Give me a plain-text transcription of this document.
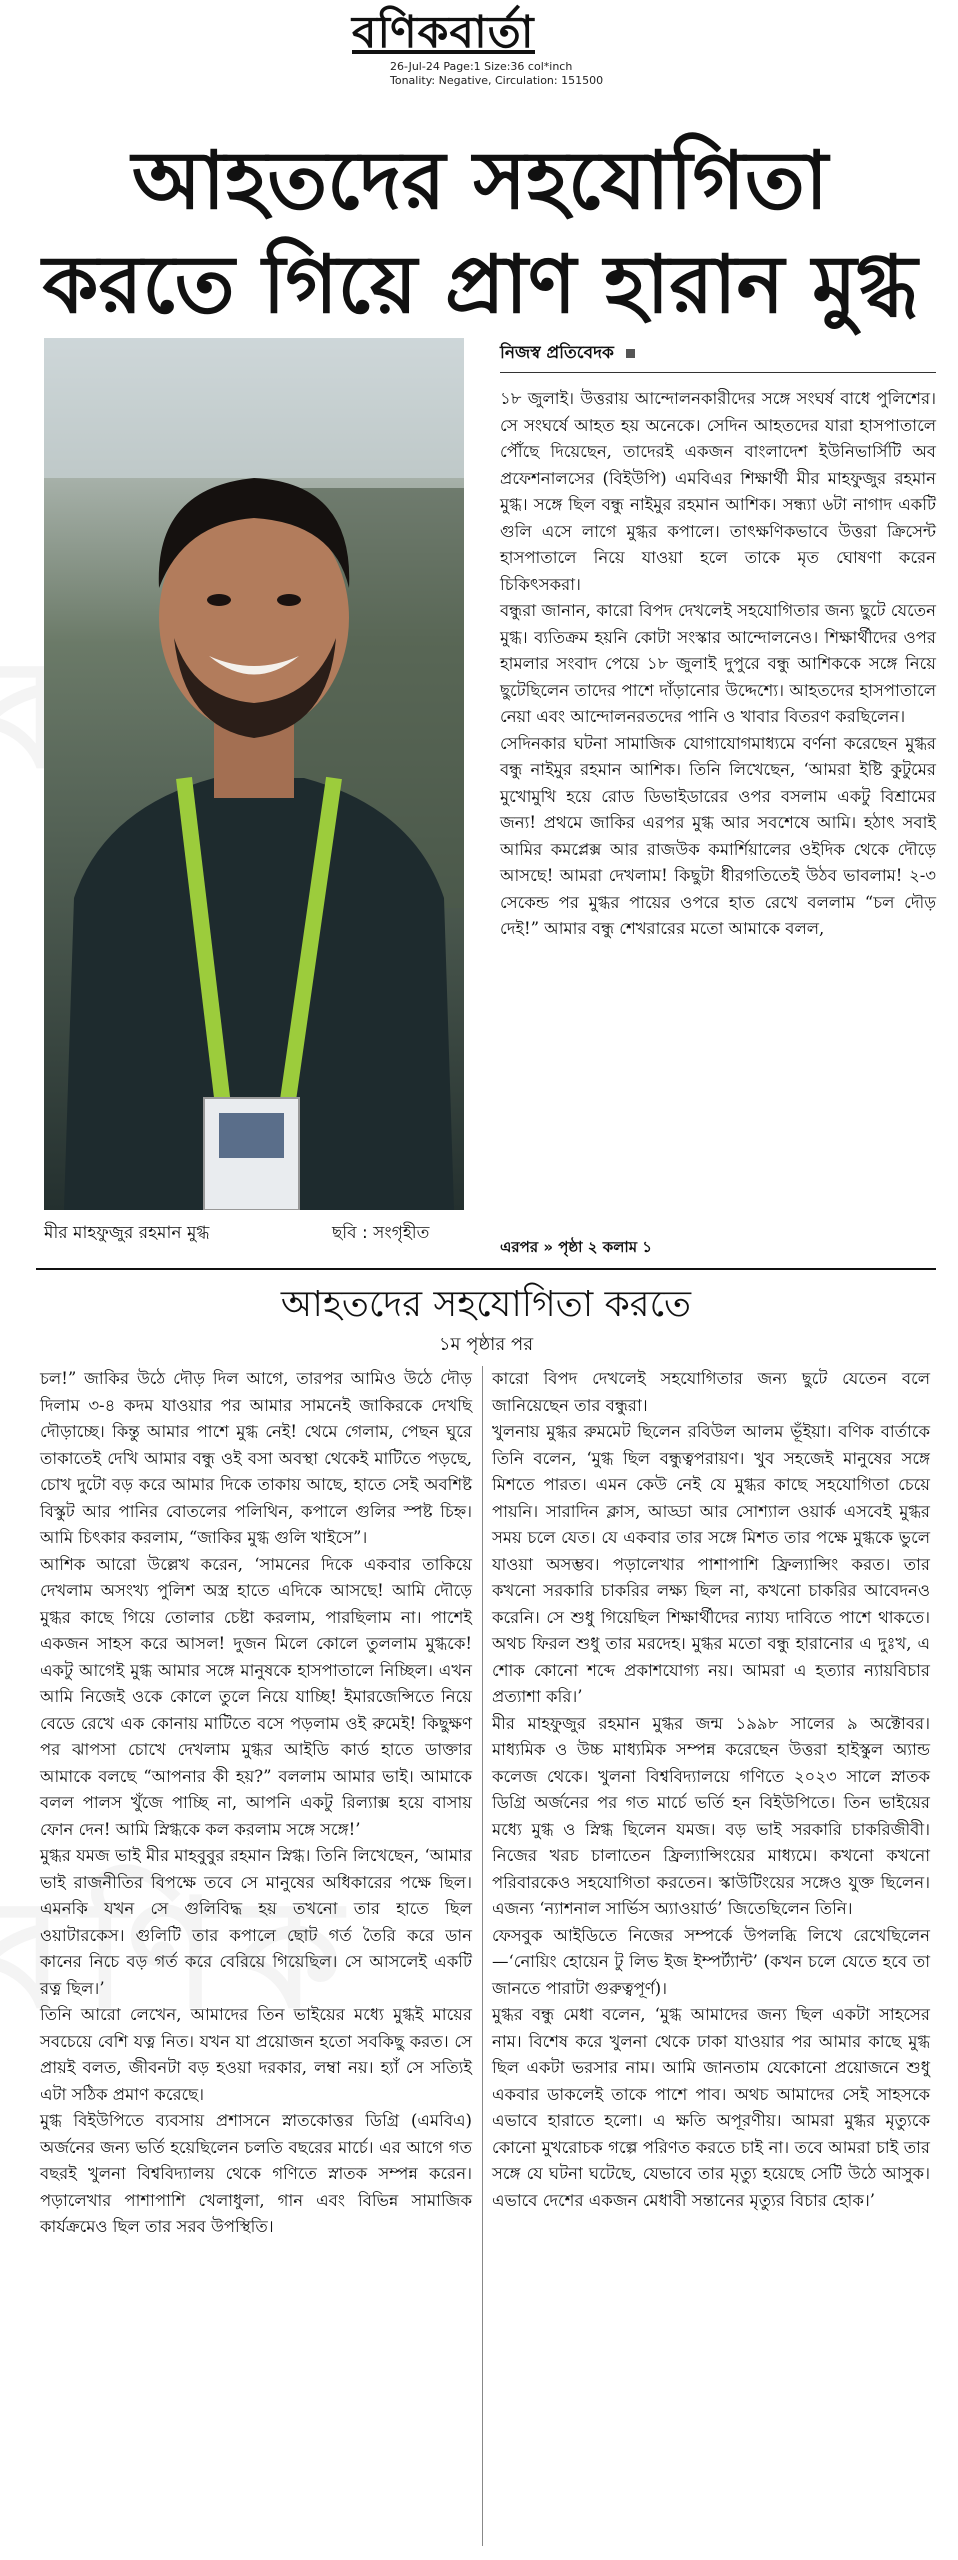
বণিকবার্তা
26-Jul-24 Page:1 Size:36 col*inch
Tonality: Negative, Circulation: 151500
আহতদের সহযোগিতা
করতে গিয়ে প্রাণ হারান মুগ্ধ
মীর মাহফুজুর রহমান মুগ্ধ	ছবি : সংগৃহীত
নিজস্ব প্রতিবেদক

১৮ জুলাই। উত্তরায় আন্দোলনকারীদের সঙ্গে সংঘর্ষ বাধে পুলিশের। সে সংঘর্ষে আহত হয় অনেকে। সেদিন আহতদের যারা হাসপাতালে পৌঁছে দিয়েছেন, তাদেরই একজন বাংলাদেশ ইউনিভার্সিটি অব প্রফেশনালসের (বিইউপি) এমবিএর শিক্ষার্থী মীর মাহফুজুর রহমান মুগ্ধ। সঙ্গে ছিল বন্ধু নাইমুর রহমান আশিক। সন্ধ্যা ৬টা নাগাদ একটি গুলি এসে লাগে মুগ্ধর কপালে। তাৎক্ষণিকভাবে উত্তরা ক্রিসেন্ট হাসপাতালে নিয়ে যাওয়া হলে তাকে মৃত ঘোষণা করেন চিকিৎসকরা।

বন্ধুরা জানান, কারো বিপদ দেখলেই সহযোগিতার জন্য ছুটে যেতেন মুগ্ধ। ব্যতিক্রম হয়নি কোটা সংস্কার আন্দোলনেও। শিক্ষার্থীদের ওপর হামলার সংবাদ পেয়ে ১৮ জুলাই দুপুরে বন্ধু আশিককে সঙ্গে নিয়ে ছুটেছিলেন তাদের পাশে দাঁড়ানোর উদ্দেশ্যে। আহতদের হাসপাতালে নেয়া এবং আন্দোলনরতদের পানি ও খাবার বিতরণ করছিলেন।

সেদিনকার ঘটনা সামাজিক যোগাযোগমাধ্যমে বর্ণনা করেছেন মুগ্ধর বন্ধু নাইমুর রহমান আশিক। তিনি লিখেছেন, ‘আমরা ইষ্টি কুটুমের মুখোমুখি হয়ে রোড ডিভাইডারের ওপর বসলাম একটু বিশ্রামের জন্য! প্রথমে জাকির এরপর মুগ্ধ আর সবশেষে আমি। হঠাৎ সবাই আমির কমপ্লেক্স আর রাজউক কমার্শিয়ালের ওইদিক থেকে দৌড়ে আসছে! আমরা দেখলাম! কিছুটা ধীরগতিতেই উঠব ভাবলাম! ২-৩ সেকেন্ড পর মুগ্ধর পায়ের ওপরে হাত রেখে বললাম “চল দৌড় দেই!” আমার বন্ধু শেখরারের মতো আমাকে বলল,

এরপর » পৃষ্ঠা ২ কলাম ১
আহতদের সহযোগিতা করতে
১ম পৃষ্ঠার পর

চল!” জাকির উঠে দৌড় দিল আগে, তারপর আমিও উঠে দৌড় দিলাম ৩-৪ কদম যাওয়ার পর আমার সামনেই জাকিরকে দেখছি দৌড়াচ্ছে। কিন্তু আমার পাশে মুগ্ধ নেই! থেমে গেলাম, পেছন ঘুরে তাকাতেই দেখি আমার বন্ধু ওই বসা অবস্থা থেকেই মাটিতে পড়ছে, চোখ দুটো বড় করে আমার দিকে তাকায় আছে, হাতে সেই অবশিষ্ট বিস্কুট আর পানির বোতলের পলিথিন, কপালে গুলির স্পষ্ট চিহ্ন। আমি চিৎকার করলাম, “জাকির মুগ্ধ গুলি খাইসে”।

আশিক আরো উল্লেখ করেন, ‘সামনের দিকে একবার তাকিয়ে দেখলাম অসংখ্য পুলিশ অস্ত্র হাতে এদিকে আসছে! আমি দৌড়ে মুগ্ধর কাছে গিয়ে তোলার চেষ্টা করলাম, পারছিলাম না। পাশেই একজন সাহস করে আসল! দুজন মিলে কোলে তুললাম মুগ্ধকে! একটু আগেই মুগ্ধ আমার সঙ্গে মানুষকে হাসপাতালে নিচ্ছিল। এখন আমি নিজেই ওকে কোলে তুলে নিয়ে যাচ্ছি! ইমারজেন্সিতে নিয়ে বেডে রেখে এক কোনায় মাটিতে বসে পড়লাম ওই রুমেই! কিছুক্ষণ পর ঝাপসা চোখে দেখলাম মুগ্ধর আইডি কার্ড হাতে ডাক্তার আমাকে বলছে “আপনার কী হয়?” বললাম আমার ভাই। আমাকে বলল পালস খুঁজে পাচ্ছি না, আপনি একটু রিল্যাক্স হয়ে বাসায় ফোন দেন! আমি স্নিগ্ধকে কল করলাম সঙ্গে সঙ্গে!’

মুগ্ধর যমজ ভাই মীর মাহবুবুর রহমান স্নিগ্ধ। তিনি লিখেছেন, ‘আমার ভাই রাজনীতির বিপক্ষে তবে সে মানুষের অধিকারের পক্ষে ছিল। এমনকি যখন সে গুলিবিদ্ধ হয় তখনো তার হাতে ছিল ওয়াটারকেস। গুলিটি তার কপালে ছোট গর্ত তৈরি করে ডান কানের নিচে বড় গর্ত করে বেরিয়ে গিয়েছিল। সে আসলেই একটি রত্ন ছিল।’

তিনি আরো লেখেন, আমাদের তিন ভাইয়ের মধ্যে মুগ্ধই মায়ের সবচেয়ে বেশি যত্ন নিত। যখন যা প্রয়োজন হতো সবকিছু করত। সে প্রায়ই বলত, জীবনটা বড় হওয়া দরকার, লম্বা নয়। হ্যাঁ সে সত্যিই এটা সঠিক প্রমাণ করেছে।

মুগ্ধ বিইউপিতে ব্যবসায় প্রশাসনে স্নাতকোত্তর ডিগ্রি (এমবিএ) অর্জনের জন্য ভর্তি হয়েছিলেন চলতি বছরের মার্চে। এর আগে গত বছরই খুলনা বিশ্ববিদ্যালয় থেকে গণিতে স্নাতক সম্পন্ন করেন। পড়ালেখার পাশাপাশি খেলাধুলা, গান এবং বিভিন্ন সামাজিক কার্যক্রমেও ছিল তার সরব উপস্থিতি।

কারো বিপদ দেখলেই সহযোগিতার জন্য ছুটে যেতেন বলে জানিয়েছেন তার বন্ধুরা।

খুলনায় মুগ্ধর রুমমেট ছিলেন রবিউল আলম ভূঁইয়া। বণিক বার্তাকে তিনি বলেন, ‘মুগ্ধ ছিল বন্ধুত্বপরায়ণ। খুব সহজেই মানুষের সঙ্গে মিশতে পারত। এমন কেউ নেই যে মুগ্ধর কাছে সহযোগিতা চেয়ে পায়নি। সারাদিন ক্লাস, আড্ডা আর সোশ্যাল ওয়ার্ক এসবেই মুগ্ধর সময় চলে যেত। যে একবার তার সঙ্গে মিশত তার পক্ষে মুগ্ধকে ভুলে যাওয়া অসম্ভব। পড়ালেখার পাশাপাশি ফ্রিল্যান্সিং করত। তার কখনো সরকারি চাকরির লক্ষ্য ছিল না, কখনো চাকরির আবেদনও করেনি। সে শুধু গিয়েছিল শিক্ষার্থীদের ন্যায্য দাবিতে পাশে থাকতে। অথচ ফিরল শুধু তার মরদেহ। মুগ্ধর মতো বন্ধু হারানোর এ দুঃখ, এ শোক কোনো শব্দে প্রকাশযোগ্য নয়। আমরা এ হত্যার ন্যায়বিচার প্রত্যাশা করি।’

মীর মাহফুজুর রহমান মুগ্ধর জন্ম ১৯৯৮ সালের ৯ অক্টোবর। মাধ্যমিক ও উচ্চ মাধ্যমিক সম্পন্ন করেছেন উত্তরা হাইস্কুল অ্যান্ড কলেজ থেকে। খুলনা বিশ্ববিদ্যালয়ে গণিতে ২০২৩ সালে স্নাতক ডিগ্রি অর্জনের পর গত মার্চে ভর্তি হন বিইউপিতে। তিন ভাইয়ের মধ্যে মুগ্ধ ও স্নিগ্ধ ছিলেন যমজ। বড় ভাই সরকারি চাকরিজীবী। নিজের খরচ চালাতেন ফ্রিল্যান্সিংয়ের মাধ্যমে। কখনো কখনো পরিবারকেও সহযোগিতা করতেন। স্কাউটিংয়ের সঙ্গেও যুক্ত ছিলেন। এজন্য ‘ন্যাশনাল সার্ভিস অ্যাওয়ার্ড’ জিতেছিলেন তিনি।

ফেসবুক আইডিতে নিজের সম্পর্কে উপলব্ধি লিখে রেখেছিলেন—‘নোয়িং হোয়েন টু লিভ ইজ ইম্পর্ট্যান্ট’ (কখন চলে যেতে হবে তা জানতে পারাটা গুরুত্বপূর্ণ)।

মুগ্ধর বন্ধু মেধা বলেন, ‘মুগ্ধ আমাদের জন্য ছিল একটা সাহসের নাম। বিশেষ করে খুলনা থেকে ঢাকা যাওয়ার পর আমার কাছে মুগ্ধ ছিল একটা ভরসার নাম। আমি জানতাম যেকোনো প্রয়োজনে শুধু একবার ডাকলেই তাকে পাশে পাব। অথচ আমাদের সেই সাহসকে এভাবে হারাতে হলো। এ ক্ষতি অপূরণীয়। আমরা মুগ্ধর মৃত্যুকে কোনো মুখরোচক গল্পে পরিণত করতে চাই না। তবে আমরা চাই তার সঙ্গে যে ঘটনা ঘটেছে, যেভাবে তার মৃত্যু হয়েছে সেটি উঠে আসুক। এভাবে দেশের একজন মেধাবী সন্তানের মৃত্যুর বিচার হোক।’
